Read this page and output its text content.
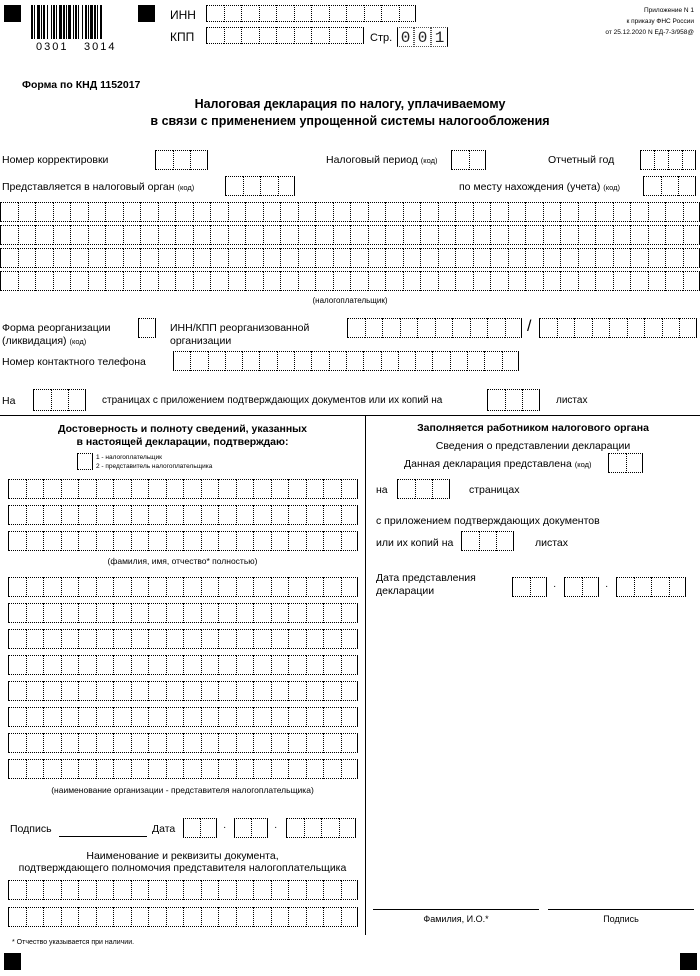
0301 3014
ИНН
КПП	Стр. 0 0 1
Приложение N 1
к приказу ФНС России
от 25.12.2020 N ЕД-7-3/958@
Форма по КНД 1152017
Налоговая декларация по налогу, уплачиваемому
в связи с применением упрощенной системы налогообложения
Номер корректировки	Налоговый период (код)	Отчетный год
Представляется в налоговый орган (код)	по месту нахождения (учета) (код)
(налогоплательщик)
Форма реорганизации
(ликвидация) (код)
ИНН/КПП реорганизованной
организации
/
Номер контактного телефона
На	страницах с приложением подтверждающих документов или их копий на	листах
Достоверность и полноту сведений, указанных
в настоящей декларации, подтверждаю:
1 - налогоплательщик
2 - представитель налогоплательщика
(фамилия, имя, отчество* полностью)
(наименование организации - представителя налогоплательщика)
Подпись	Дата	·	·
Наименование и реквизиты документа,
подтверждающего полномочия представителя налогоплательщика
* Отчество указывается при наличии.
Заполняется работником налогового органа
Сведения о представлении декларации
Данная декларация представлена (код)
на	страницах
с приложением подтверждающих документов
или их копий на	листах
Дата представления
декларации	·	·
Фамилия, И.О.*	Подпись
